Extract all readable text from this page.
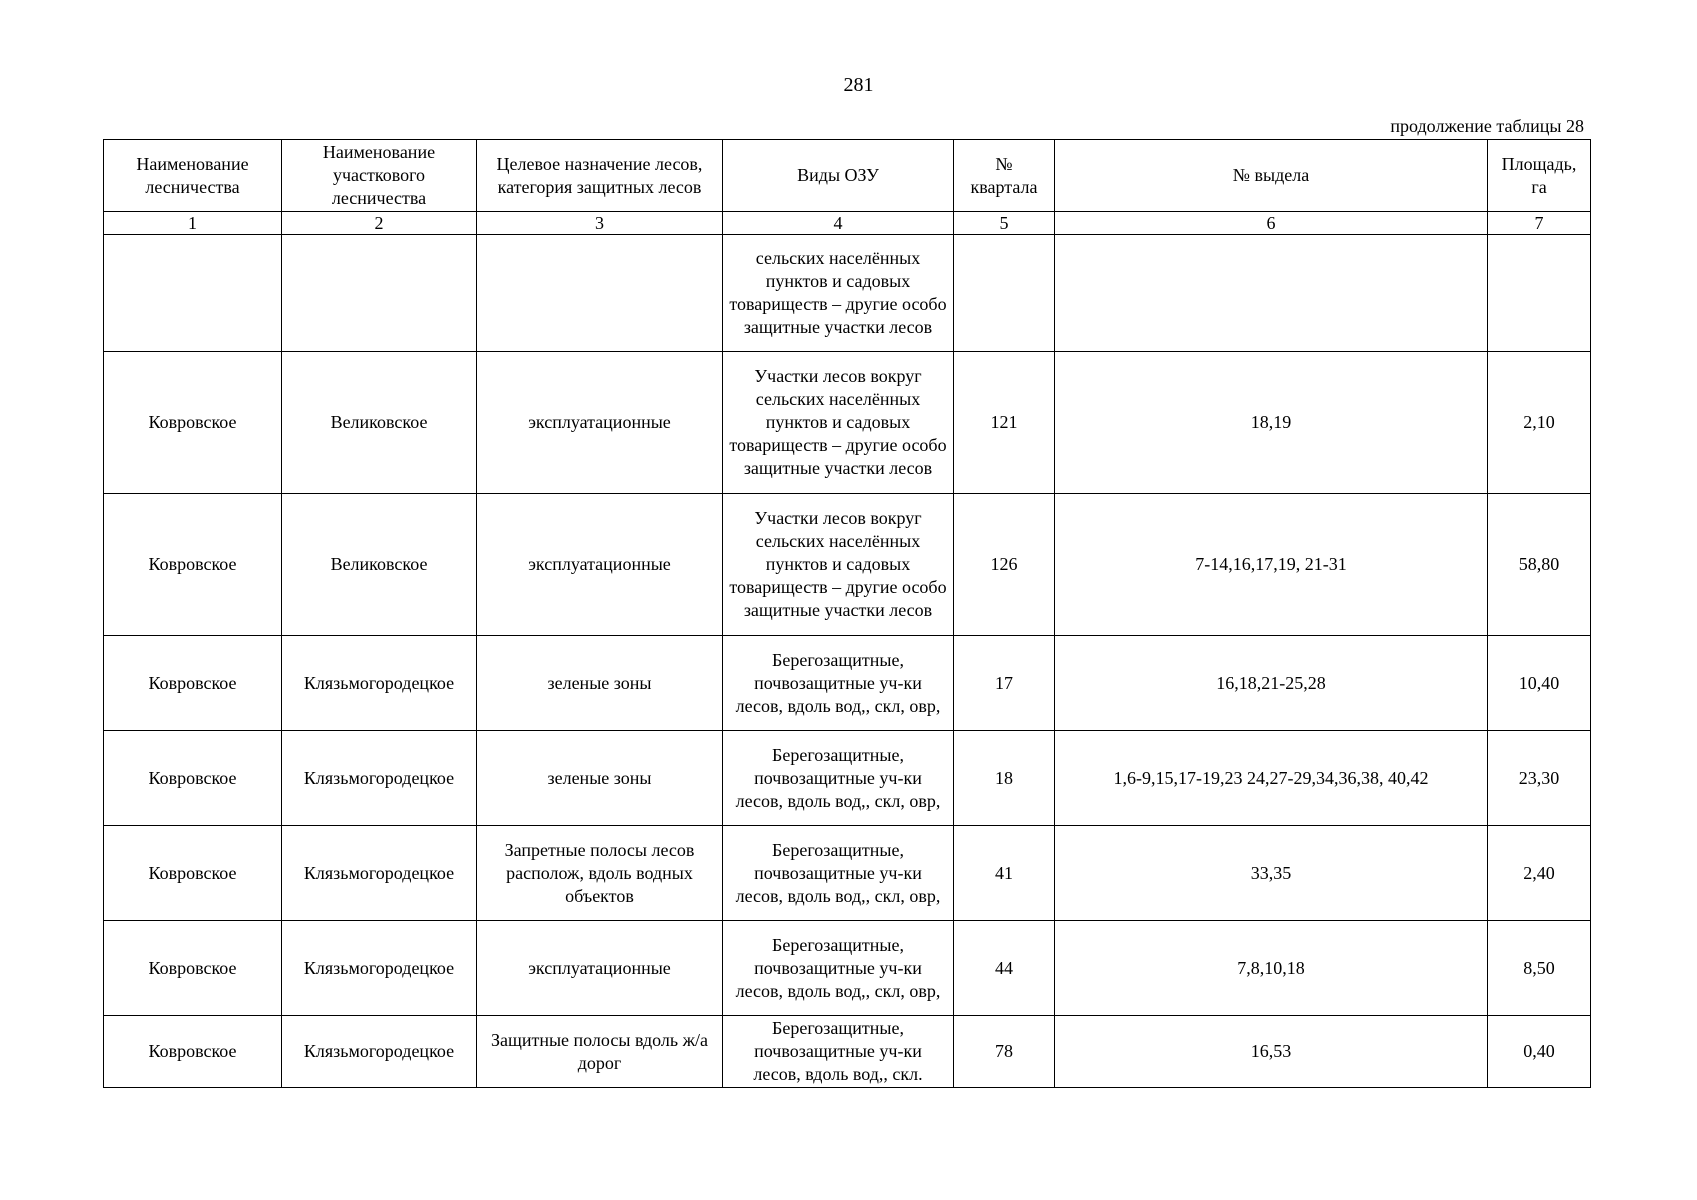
281
продолжение таблицы 28
Наименование лесничества	Наименование участкового лесничества	Целевое назначение лесов, категория защитных лесов	Виды ОЗУ	№ квартала	№ выдела	Площадь, га
1	2	3	4	5	6	7
			сельских населённых пунктов и садовых товариществ – другие особо защитные участки лесов			
Ковровское	Великовское	эксплуатационные	Участки лесов вокруг сельских населённых пунктов и садовых товариществ – другие особо защитные участки лесов	121	18,19	2,10
Ковровское	Великовское	эксплуатационные	Участки лесов вокруг сельских населённых пунктов и садовых товариществ – другие особо защитные участки лесов	126	7-14,16,17,19, 21-31	58,80
Ковровское	Клязьмогородецкое	зеленые зоны	Берегозащитные, почвозащитные уч-ки лесов, вдоль вод,, скл, овр,	17	16,18,21-25,28	10,40
Ковровское	Клязьмогородецкое	зеленые зоны	Берегозащитные, почвозащитные уч-ки лесов, вдоль вод,, скл, овр,	18	1,6-9,15,17-19,23 24,27-29,34,36,38, 40,42	23,30
Ковровское	Клязьмогородецкое	Запретные полосы лесов располож, вдоль водных объектов	Берегозащитные, почвозащитные уч-ки лесов, вдоль вод,, скл, овр,	41	33,35	2,40
Ковровское	Клязьмогородецкое	эксплуатационные	Берегозащитные, почвозащитные уч-ки лесов, вдоль вод,, скл, овр,	44	7,8,10,18	8,50
Ковровское	Клязьмогородецкое	Защитные полосы вдоль ж/а дорог	Берегозащитные, почвозащитные уч-ки лесов, вдоль вод,, скл.	78	16,53	0,40
